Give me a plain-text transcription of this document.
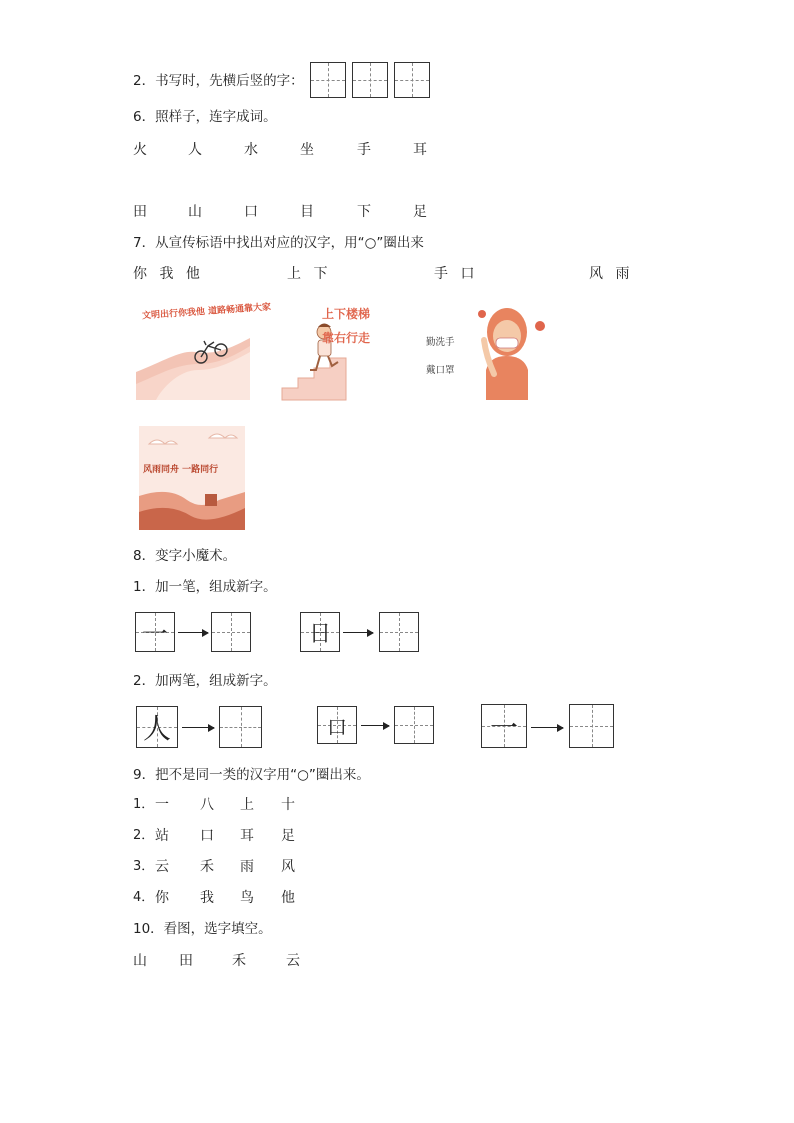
2．书写时，先横后竖的字：
6．照样子，连字成词。
火	人	水	坐	手	耳
田	山	口	目	下	足
7．从宣传标语中找出对应的汉字，用“○”圈出来
你 我 他	上 下	手 口	风 雨
文明出行你我他 道路畅通靠大家	上下楼梯
靠右行走	勤洗手
戴口罩
风雨同舟 一路同行
8．变字小魔术。
1．加一笔，组成新字。
一	日
2．加两笔，组成新字。
人	口	一
9．把不是同一类的汉字用“○”圈出来。
1． 一 八 上 十
2． 站 口 耳 足
3． 云 禾 雨 风
4． 你 我 鸟 他
10．看图，选字填空。
山 田	禾	云
